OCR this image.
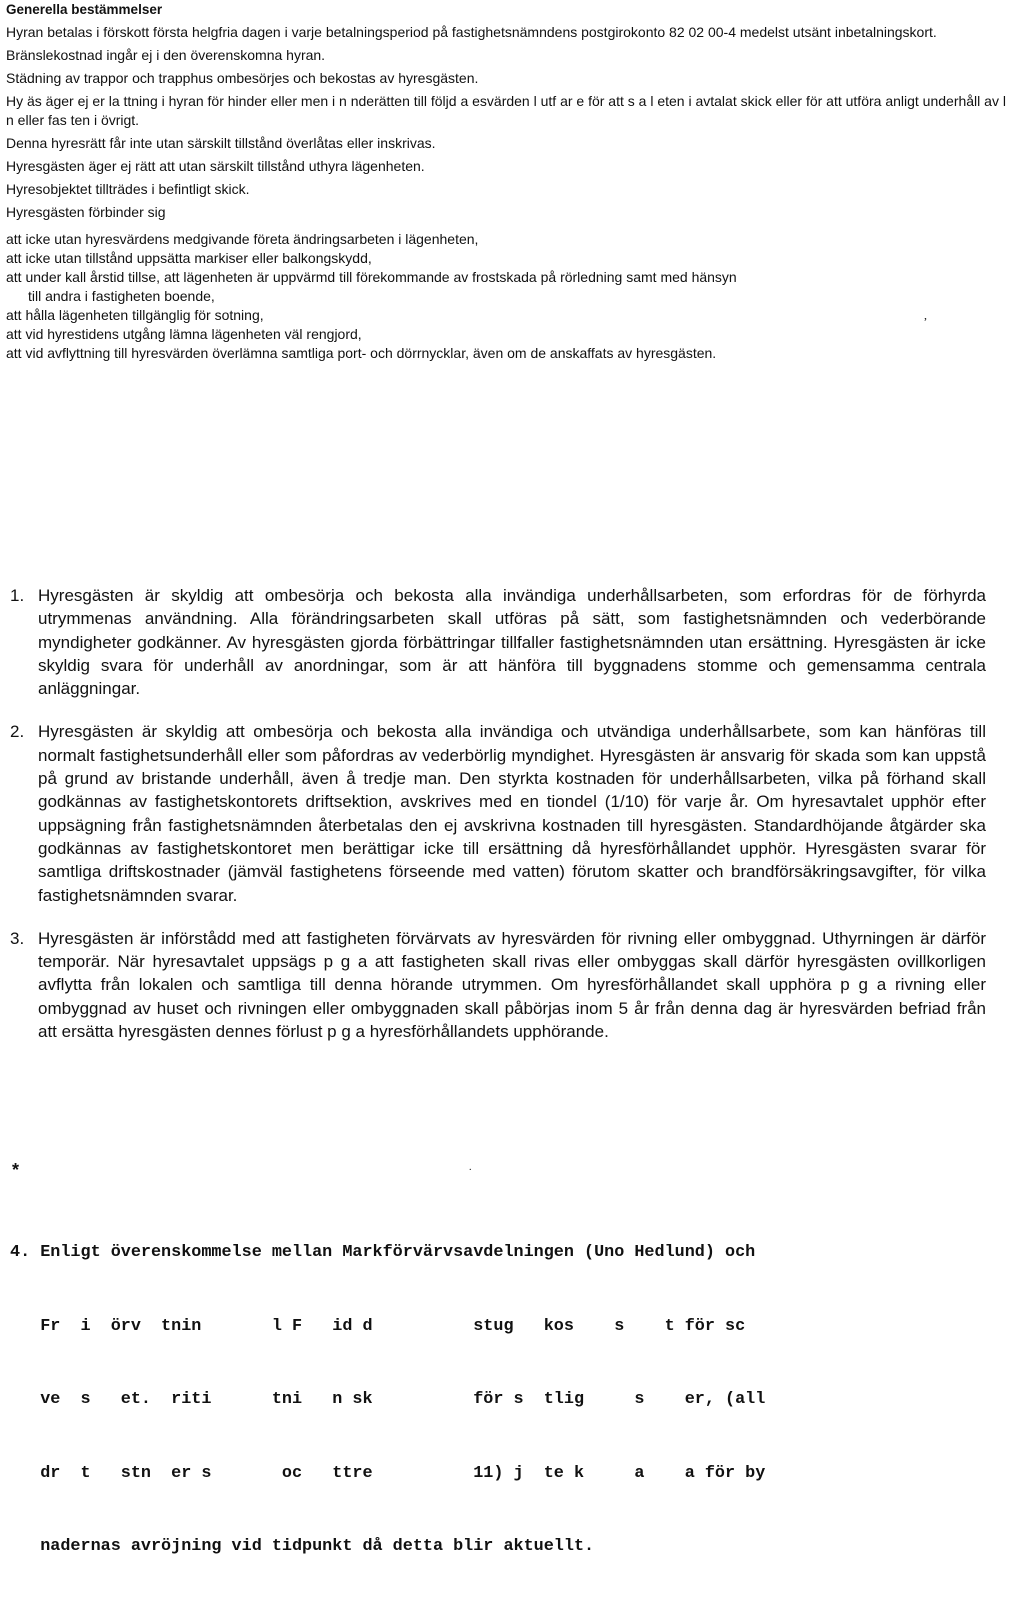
Generella bestämmelser

Hyran betalas i förskott första helgfria dagen i varje betalningsperiod på fastighetsnämndens postgirokonto 82 02 00-4 medelst utsänt inbetalningskort.

Bränslekostnad ingår ej i den överenskomna hyran.

Städning av trappor och trapphus ombesörjes och bekostas av hyresgästen.

Hy äs äger ej er la ttning i hyran för hinder eller men i n nderätten till följd a esvärden l utf ar e för att s a l eten i avtalat skick eller för att utföra anligt underhåll av l n eller fas ten i övrigt.

Denna hyresrätt får inte utan särskilt tillstånd överlåtas eller inskrivas.

Hyresgästen äger ej rätt att utan särskilt tillstånd uthyra lägenheten.

Hyresobjektet tillträdes i befintligt skick.

Hyresgästen förbinder sig

att icke utan hyresvärdens medgivande företa ändringsarbeten i lägenheten,
att icke utan tillstånd uppsätta markiser eller balkongskydd,
att under kall årstid tillse, att lägenheten är uppvärmd till förekommande av frostskada på rörledning samt med hänsyn
till andra i fastigheten boende,
att hålla lägenheten tillgänglig för sotning,
att vid hyrestidens utgång lämna lägenheten väl rengjord,
att vid avflyttning till hyresvärden överlämna samtliga port- och dörrnycklar, även om de anskaffats av hyresgästen.
,
1. Hyresgästen är skyldig att ombesörja och bekosta alla invändiga underhållsarbeten, som erfordras för de förhyrda utrymmenas användning. Alla förändringsarbeten skall utföras på sätt, som fastighetsnämnden och vederbörande myndigheter godkänner. Av hyresgästen gjorda förbättringar tillfaller fastighetsnämnden utan ersättning. Hyresgästen är icke skyldig svara för underhåll av anordningar, som är att hänföra till byggnadens stomme och gemensamma centrala anläggningar.
2. Hyresgästen är skyldig att ombesörja och bekosta alla invändiga och utvändiga underhållsarbete, som kan hänföras till normalt fastighetsunderhåll eller som påfordras av vederbörlig myndighet. Hyresgästen är ansvarig för skada som kan uppstå på grund av bristande underhåll, även å tredje man. Den styrkta kostnaden för underhållsarbeten, vilka på förhand skall godkännas av fastighetskontorets driftsektion, avskrives med en tiondel (1/10) för varje år. Om hyresavtalet upphör efter uppsägning från fastighetsnämnden återbetalas den ej avskrivna kostnaden till hyresgästen. Standardhöjande åtgärder ska godkännas av fastighetskontoret men berättigar icke till ersättning då hyresförhållandet upphör. Hyresgästen svarar för samtliga driftskostnader (jämväl fastighetens förseende med vatten) förutom skatter och brandförsäkringsavgifter, för vilka fastighetsnämnden svarar.
3. Hyresgästen är införstådd med att fastigheten förvärvats av hyresvärden för rivning eller ombyggnad. Uthyrningen är därför temporär. När hyresavtalet uppsägs p g a att fastigheten skall rivas eller ombyggas skall därför hyresgästen ovillkorligen avflytta från lokalen och samtliga till denna hörande utrymmen. Om hyresförhållandet skall upphöra p g a rivning eller ombyggnad av huset och rivningen eller ombyggnaden skall påbörjas inom 5 år från denna dag är hyresvärden befriad från att ersätta hyresgästen dennes förlust p g a hyresförhållandets upphörande.
*	.

4. Enligt överenskommelse mellan Markförvärvsavdelningen (Uno Hedlund) och

Fr  i  örv  tnin       l F   id d          stug   kos    s    t för sc

ve  s   et.  riti      tni   n sk          för s  tlig     s    er, (all

dr  t   stn  er s       oc   ttre          11) j  te k     a    a för by

nadernas avröjning vid tidpunkt då detta blir aktuellt.
